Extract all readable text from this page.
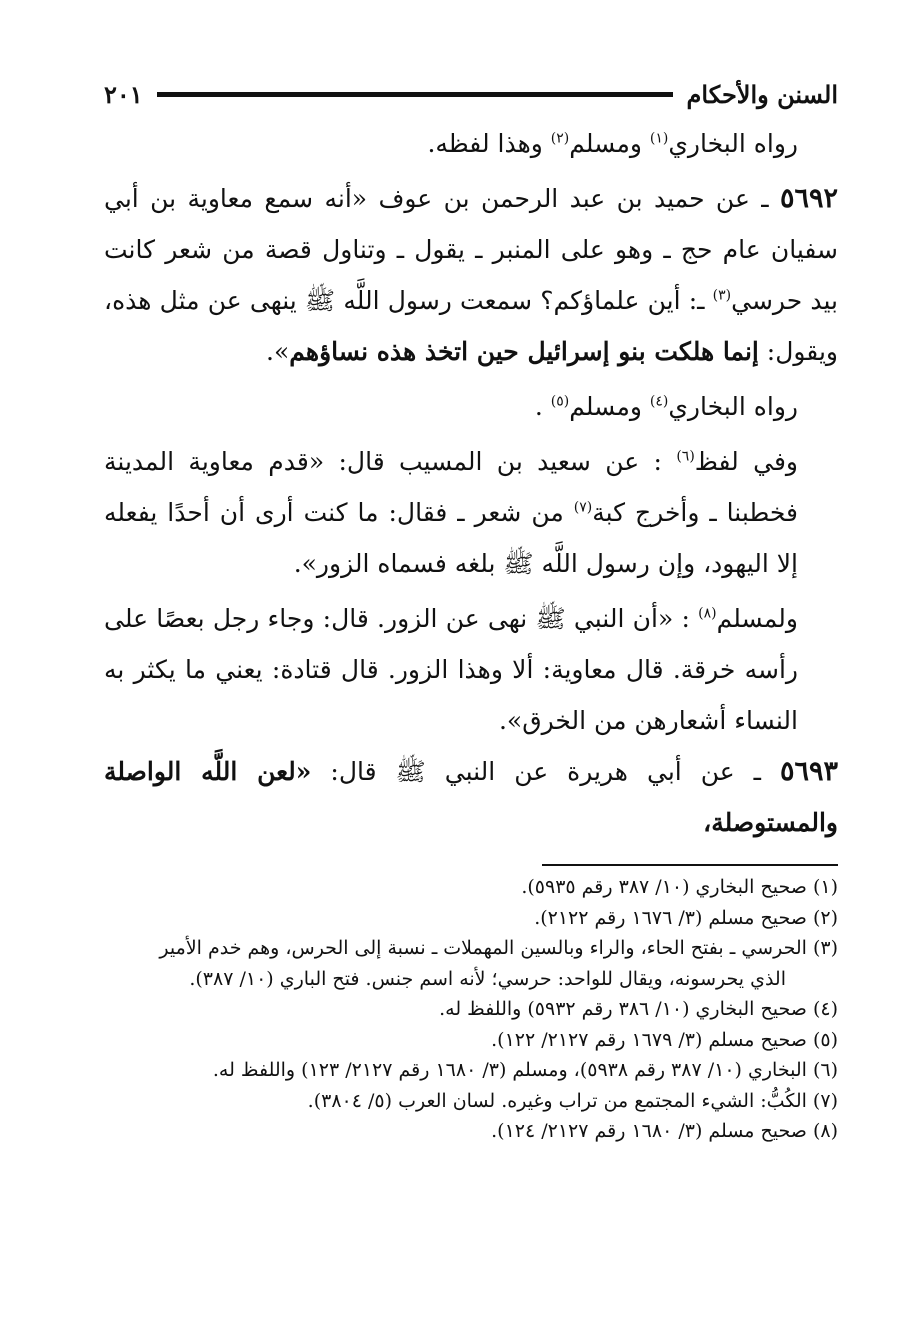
السنن والأحكام
٢٠١

رواه البخاري$^{(١)}$ ومسلم$^{(٢)}$ وهذا لفظه.

٥٦٩٢ ـ عن حميد بن عبد الرحمن بن عوف «أنه سمع معاوية بن أبي سفيان عام حج ـ وهو على المنبر ـ يقول ـ وتناول قصة من شعر كانت بيد حرسي$^{(٣)}$ ـ: أين علماؤكم؟ سمعت رسول اللَّه ﷺ ينهى عن مثل هذه، ويقول: إنما هلكت بنو إسرائيل حين اتخذ هذه نساؤهم».

رواه البخاري$^{(٤)}$ ومسلم$^{(٥)}$ .

وفي لفظ$^{(٦)}$ : عن سعيد بن المسيب قال: «قدم معاوية المدينة فخطبنا ـ وأخرج كبة$^{(٧)}$ من شعر ـ فقال: ما كنت أرى أن أحدًا يفعله إلا اليهود، وإن رسول اللَّه ﷺ بلغه فسماه الزور».

ولمسلم$^{(٨)}$ : «أن النبي ﷺ نهى عن الزور. قال: وجاء رجل بعصًا على رأسه خرقة. قال معاوية: ألا وهذا الزور. قال قتادة: يعني ما يكثر به النساء أشعارهن من الخرق».

٥٦٩٣ ـ عن أبي هريرة عن النبي ﷺ قال: «لعن اللَّه الواصلة والمستوصلة،

(١) صحيح البخاري (١٠/ ٣٨٧ رقم ٥٩٣٥).

(٢) صحيح مسلم (٣/ ١٦٧٦ رقم ٢١٢٢).

(٣) الحرسي ـ بفتح الحاء، والراء وبالسين المهملات ـ نسبة إلى الحرس، وهم خدم الأمير

الذي يحرسونه، ويقال للواحد: حرسي؛ لأنه اسم جنس. فتح الباري (١٠/ ٣٨٧).

(٤) صحيح البخاري (١٠/ ٣٨٦ رقم ٥٩٣٢) واللفظ له.

(٥) صحيح مسلم (٣/ ١٦٧٩ رقم ٢١٢٧/ ١٢٢).

(٦) البخاري (١٠/ ٣٨٧ رقم ٥٩٣٨)، ومسلم (٣/ ١٦٨٠ رقم ٢١٢٧/ ١٢٣) واللفظ له.

(٧) الكُبُّ: الشيء المجتمع من تراب وغيره. لسان العرب (٥/ ٣٨٠٤).

(٨) صحيح مسلم (٣/ ١٦٨٠ رقم ٢١٢٧/ ١٢٤).
